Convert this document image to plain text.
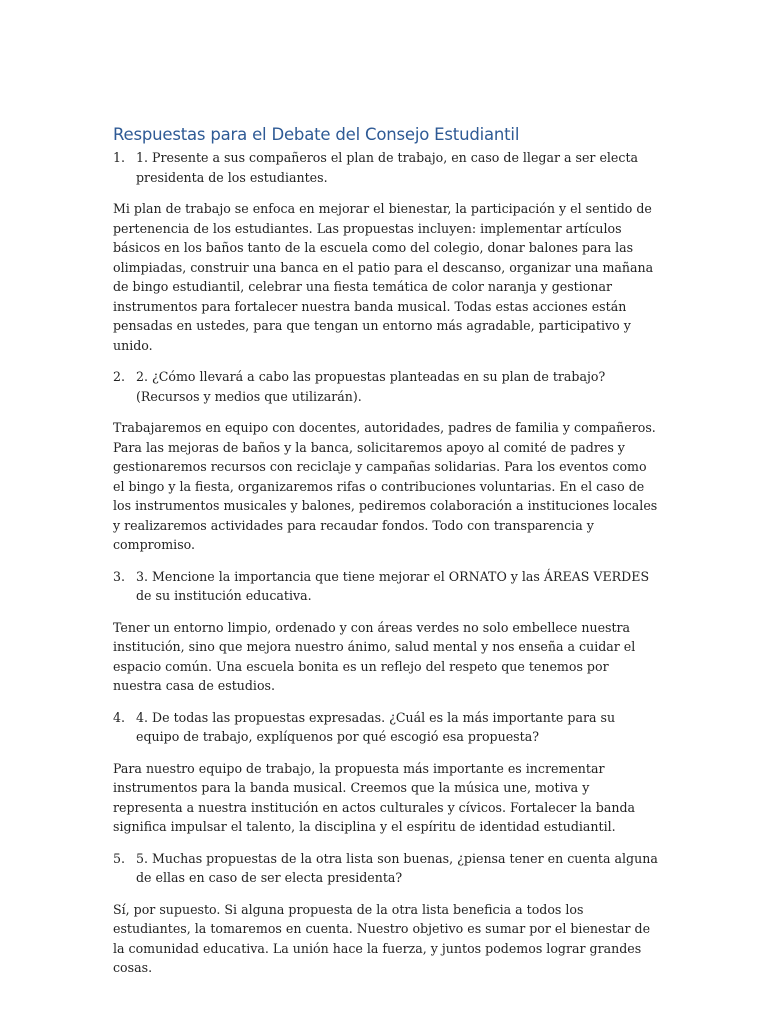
Respuestas para el Debate del Consejo Estudiantil
1. 1. Presente a sus compañeros el plan de trabajo, en caso de llegar a ser electa presidenta de los estudiantes.

Mi plan de trabajo se enfoca en mejorar el bienestar, la participación y el sentido de pertenencia de los estudiantes. Las propuestas incluyen: implementar artículos básicos en los baños tanto de la escuela como del colegio, donar balones para las olimpiadas, construir una banca en el patio para el descanso, organizar una mañana de bingo estudiantil, celebrar una fiesta temática de color naranja y gestionar instrumentos para fortalecer nuestra banda musical. Todas estas acciones están pensadas en ustedes, para que tengan un entorno más agradable, participativo y unido.

2. 2. ¿Cómo llevará a cabo las propuestas planteadas en su plan de trabajo? (Recursos y medios que utilizarán).

Trabajaremos en equipo con docentes, autoridades, padres de familia y compañeros. Para las mejoras de baños y la banca, solicitaremos apoyo al comité de padres y gestionaremos recursos con reciclaje y campañas solidarias. Para los eventos como el bingo y la fiesta, organizaremos rifas o contribuciones voluntarias. En el caso de los instrumentos musicales y balones, pediremos colaboración a instituciones locales y realizaremos actividades para recaudar fondos. Todo con transparencia y compromiso.

3. 3. Mencione la importancia que tiene mejorar el ORNATO y las ÁREAS VERDES de su institución educativa.

Tener un entorno limpio, ordenado y con áreas verdes no solo embellece nuestra institución, sino que mejora nuestro ánimo, salud mental y nos enseña a cuidar el espacio común. Una escuela bonita es un reflejo del respeto que tenemos por nuestra casa de estudios.

4. 4. De todas las propuestas expresadas. ¿Cuál es la más importante para su equipo de trabajo, explíquenos por qué escogió esa propuesta?

Para nuestro equipo de trabajo, la propuesta más importante es incrementar instrumentos para la banda musical. Creemos que la música une, motiva y representa a nuestra institución en actos culturales y cívicos. Fortalecer la banda significa impulsar el talento, la disciplina y el espíritu de identidad estudiantil.

5. 5. Muchas propuestas de la otra lista son buenas, ¿piensa tener en cuenta alguna de ellas en caso de ser electa presidenta?

Sí, por supuesto. Si alguna propuesta de la otra lista beneficia a todos los estudiantes, la tomaremos en cuenta. Nuestro objetivo es sumar por el bienestar de la comunidad educativa. La unión hace la fuerza, y juntos podemos lograr grandes cosas.
